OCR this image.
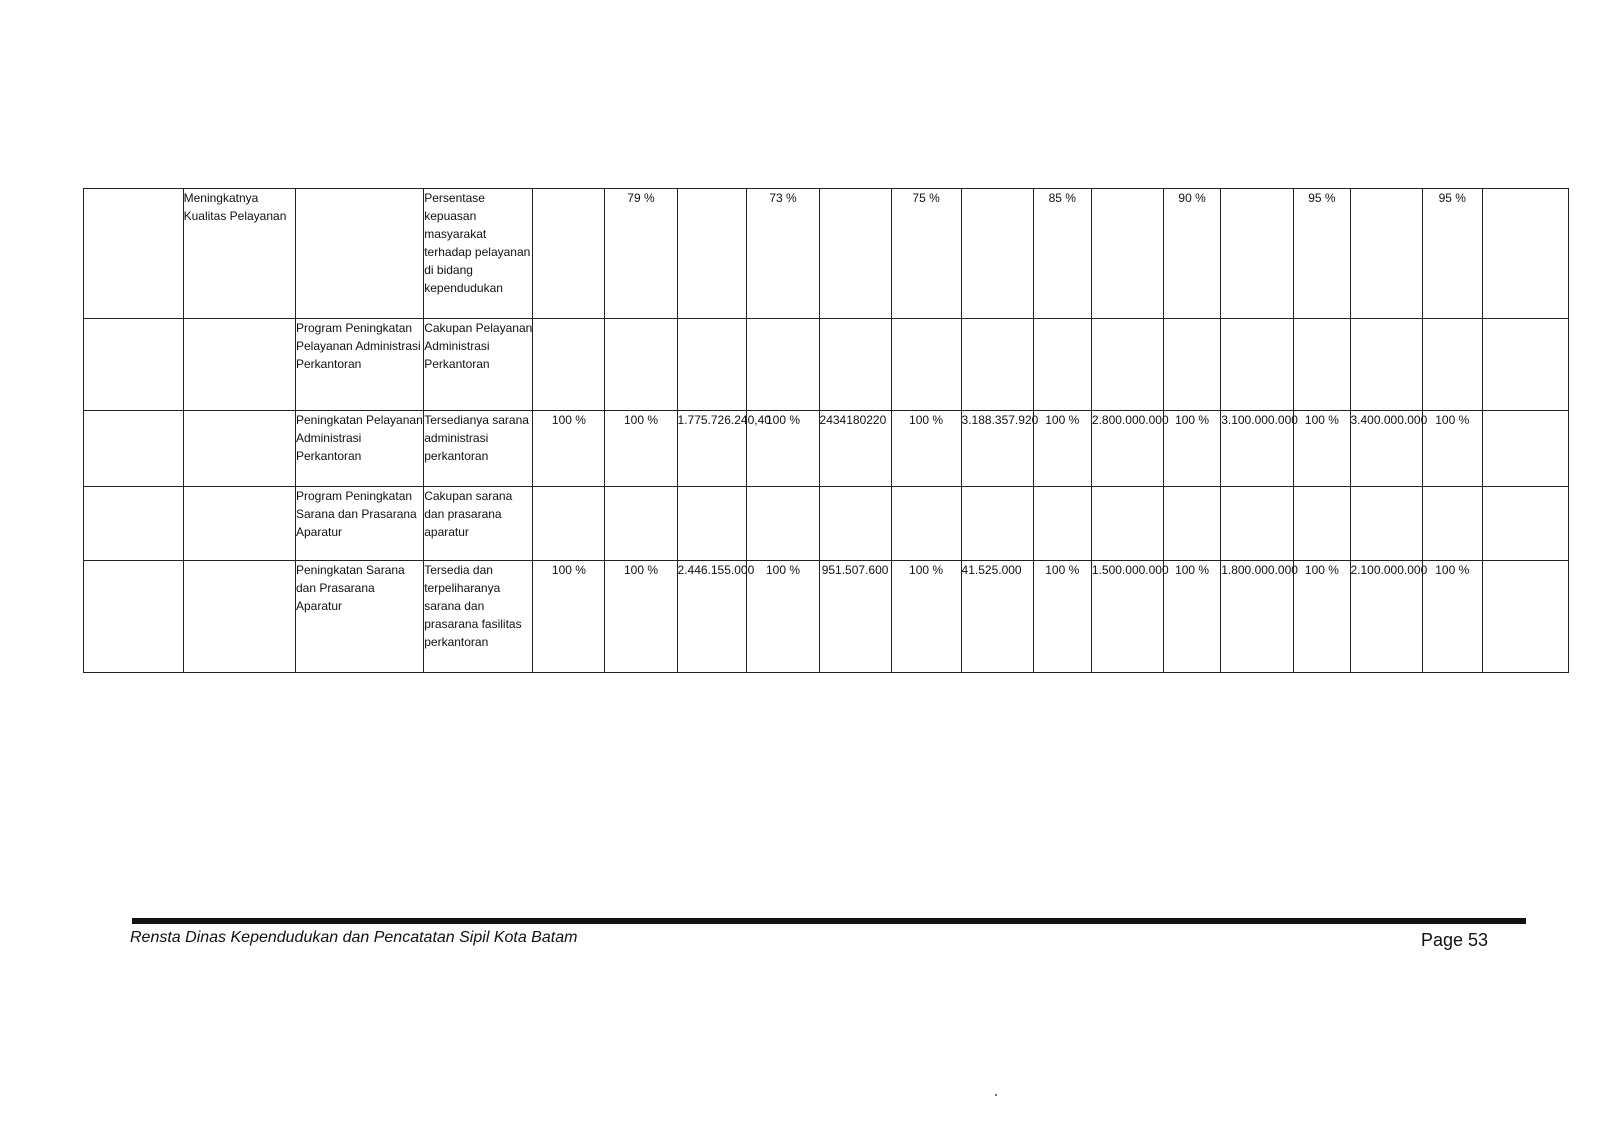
	Meningkatnya Kualitas Pelayanan		Persentase kepuasan masyarakat terhadap pelayanan di bidang kependudukan		79 %		73 %		75 %		85 %		90 %		95 %		95 %	
		Program Peningkatan Pelayanan Administrasi Perkantoran	Cakupan Pelayanan Administrasi Perkantoran															
		Peningkatan Pelayanan Administrasi Perkantoran	Tersedianya sarana administrasi perkantoran	100 %	100 %	1.775.726.240,40	100 %	2434180220	100 %	3.188.357.920	100 %	2.800.000.000	100 %	3.100.000.000	100 %	3.400.000.000	100 %	
		Program Peningkatan Sarana dan Prasarana Aparatur	Cakupan sarana dan prasarana aparatur															
		Peningkatan Sarana dan Prasarana Aparatur	Tersedia dan terpeliharanya sarana dan prasarana fasilitas perkantoran	100 %	100 %	2.446.155.000	100 %	951.507.600	100 %	41.525.000	100 %	1.500.000.000	100 %	1.800.000.000	100 %	2.100.000.000	100 %	
Rensta Dinas Kependudukan dan Pencatatan Sipil Kota Batam	Page 53
